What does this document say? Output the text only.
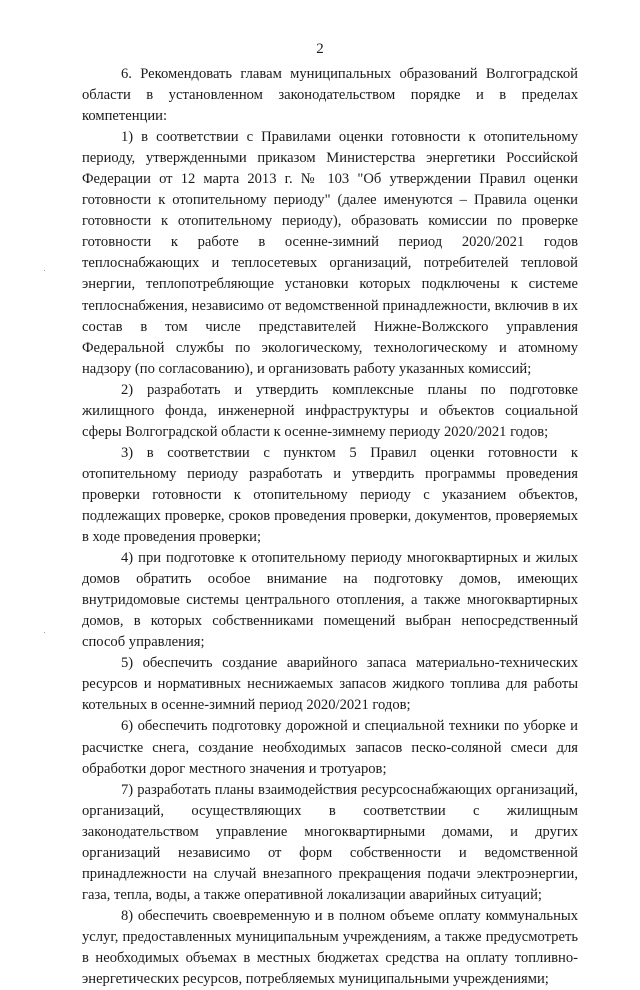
2

6. Рекомендовать главам муниципальных образований Волгоградской области в установленном законодательством порядке и в пределах компетенции:

1) в соответствии с Правилами оценки готовности к отопительному периоду, утвержденными приказом Министерства энергетики Российской Федерации от 12 марта 2013 г. № 103 "Об утверждении Правил оценки готовности к отопительному периоду" (далее именуются – Правила оценки готовности к отопительному периоду), образовать комиссии по проверке готовности к работе в осенне-зимний период 2020/2021 годов теплоснабжающих и теплосетевых организаций, потребителей тепловой энергии, теплопотребляющие установки которых подключены к системе теплоснабжения, независимо от ведомственной принадлежности, включив в их состав в том числе представителей Нижне-Волжского управления Федеральной службы по экологическому, технологическому и атомному надзору (по согласованию), и организовать работу указанных комиссий;

2) разработать и утвердить комплексные планы по подготовке жилищного фонда, инженерной инфраструктуры и объектов социальной сферы Волгоградской области к осенне-зимнему периоду 2020/2021 годов;

3) в соответствии с пунктом 5 Правил оценки готовности к отопительному периоду разработать и утвердить программы проведения проверки готовности к отопительному периоду с указанием объектов, подлежащих проверке, сроков проведения проверки, документов, проверяемых в ходе проведения проверки;

4) при подготовке к отопительному периоду многоквартирных и жилых домов обратить особое внимание на подготовку домов, имеющих внутридомовые системы центрального отопления, а также многоквартирных домов, в которых собственниками помещений выбран непосредственный способ управления;

5) обеспечить создание аварийного запаса материально-технических ресурсов и нормативных неснижаемых запасов жидкого топлива для работы котельных в осенне-зимний период 2020/2021 годов;

6) обеспечить подготовку дорожной и специальной техники по уборке и расчистке снега, создание необходимых запасов песко-соляной смеси для обработки дорог местного значения и тротуаров;

7) разработать планы взаимодействия ресурсоснабжающих организаций, организаций, осуществляющих в соответствии с жилищным законодательством управление многоквартирными домами, и других организаций независимо от форм собственности и ведомственной принадлежности на случай внезапного прекращения подачи электроэнергии, газа, тепла, воды, а также оперативной локализации аварийных ситуаций;

8) обеспечить своевременную и в полном объеме оплату коммунальных услуг, предоставленных муниципальным учреждениям, а также предусмотреть в необходимых объемах в местных бюджетах средства на оплату топливно-энергетических ресурсов, потребляемых муниципальными учреждениями;
